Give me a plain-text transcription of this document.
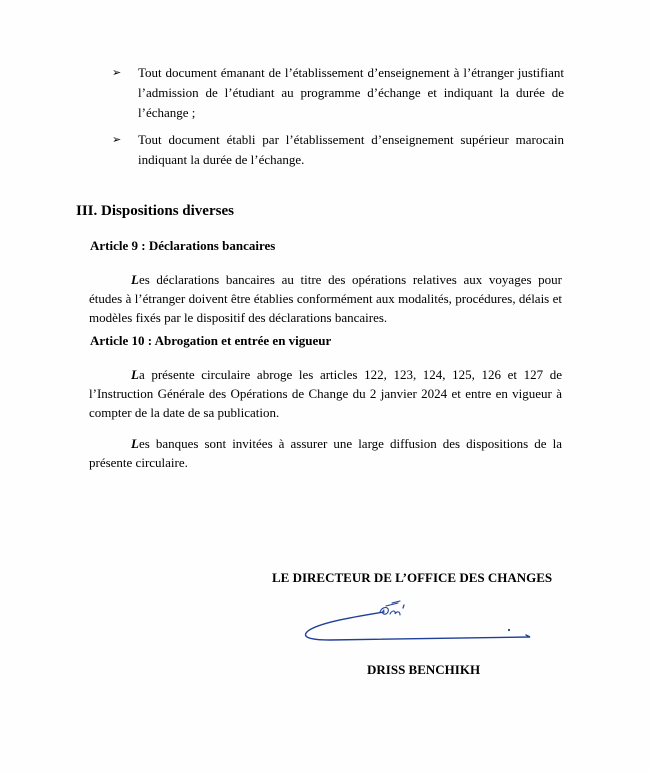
➢	Tout document émanant de l’établissement d’enseignement à l’étranger justifiant l’admission de l’étudiant au programme d’échange et indiquant la durée de l’échange ;
➢	Tout document établi par l’établissement d’enseignement supérieur marocain indiquant la durée de l’échange.
III. Dispositions diverses
Article 9 : Déclarations bancaires
Les déclarations bancaires au titre des opérations relatives aux voyages pour études à l’étranger doivent être établies conformément aux modalités, procédures, délais et modèles fixés par le dispositif des déclarations bancaires.
Article 10 : Abrogation et entrée en vigueur
La présente circulaire abroge les articles 122, 123, 124, 125, 126 et 127 de l’Instruction Générale des Opérations de Change du 2 janvier 2024 et entre en vigueur à compter de la date de sa publication.
Les banques sont invitées à assurer une large diffusion des dispositions de la présente circulaire.
LE DIRECTEUR DE L’OFFICE DES CHANGES
DRISS BENCHIKH
